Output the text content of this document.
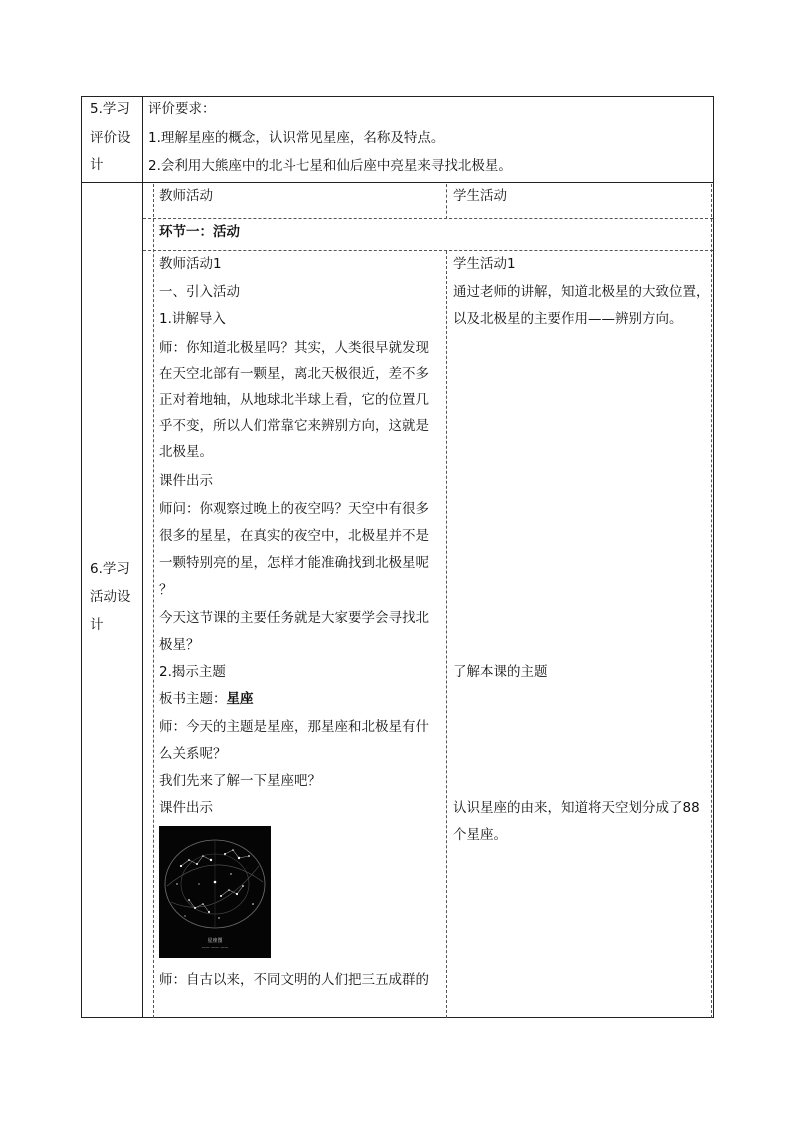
5.学习
评价设
计
评价要求：
1.理解星座的概念，认识常见星座，名称及特点。
2.会利用大熊座中的北斗七星和仙后座中亮星来寻找北极星。
6.学习
活动设
计
教师活动	学生活动
环节一：活动
教师活动1
一、引入活动
1.讲解导入
师：你知道北极星吗？其实，人类很早就发现
在天空北部有一颗星，离北天极很近，差不多
正对着地轴，从地球北半球上看，它的位置几
乎不变，所以人们常靠它来辨别方向，这就是
北极星。
课件出示
师问：你观察过晚上的夜空吗？天空中有很多
很多的星星，在真实的夜空中，北极星并不是
一颗特别亮的星，怎样才能准确找到北极星呢
？
今天这节课的主要任务就是大家要学会寻找北
极星？
2.揭示主题
板书主题：星座
师：今天的主题是星座，那星座和北极星有什
么关系呢？
我们先来了解一下星座吧？
课件出示
星座图
—— —— ——
师：自古以来，不同文明的人们把三五成群的
学生活动1
通过老师的讲解，知道北极星的大致位置，
以及北极星的主要作用——辨别方向。
了解本课的主题
认识星座的由来，知道将天空划分成了88
个星座。
